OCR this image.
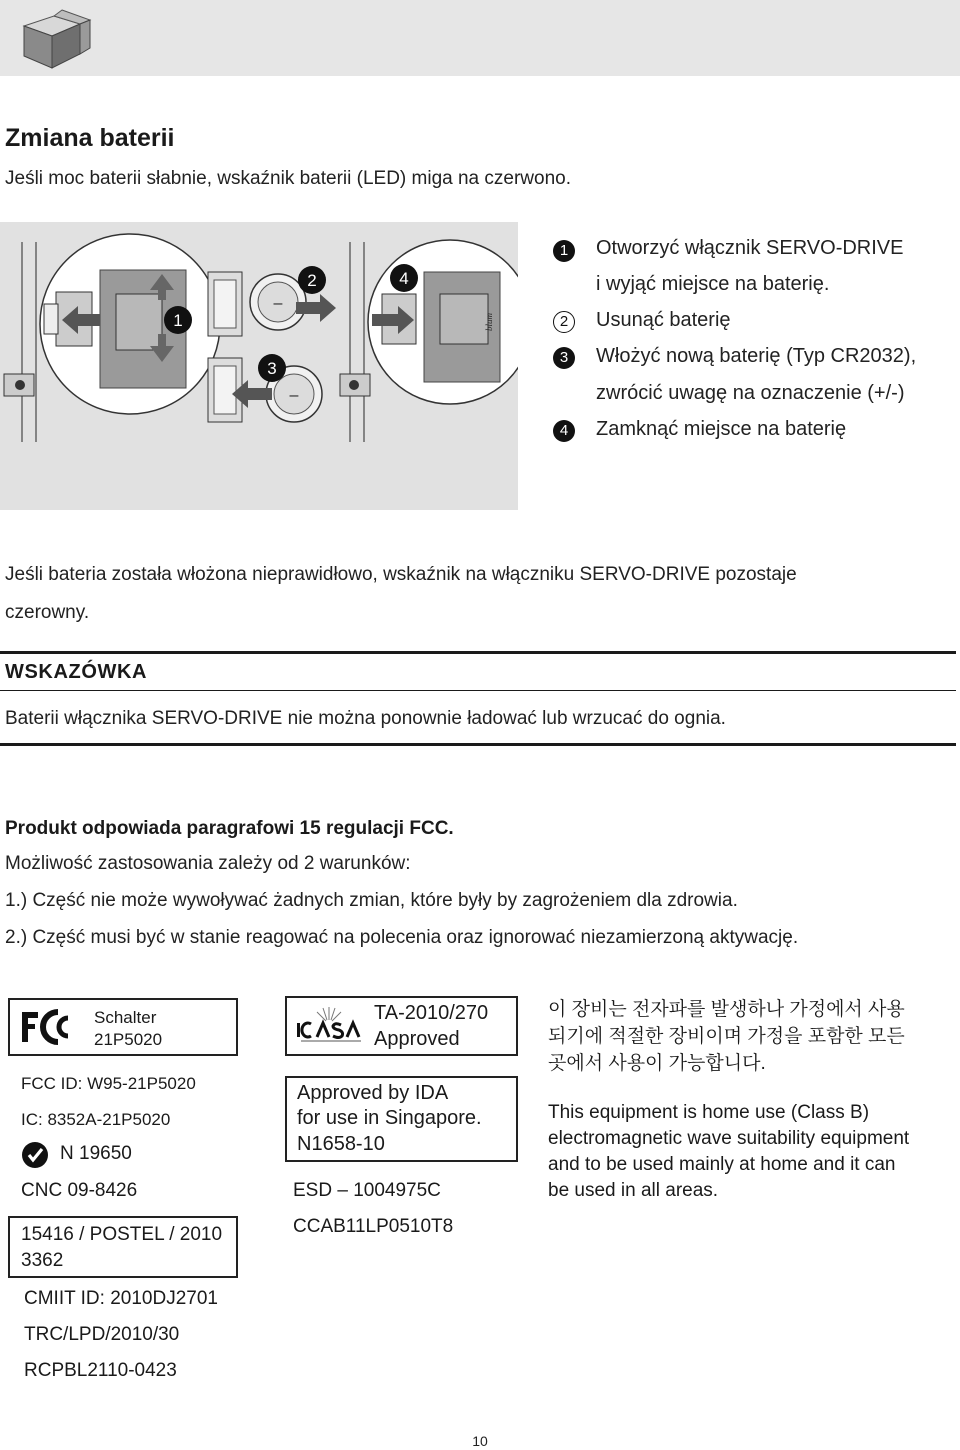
Zmiana baterii
Jeśli moc baterii słabnie, wskaźnik baterii (LED) miga na czerwono.
1
2
3
4
–
–
blum
1	Otworzyć włącznik SERVO-DRIVE
i wyjąć miejsce na baterię.
2	Usunąć baterię
3	Włożyć nową baterię (Typ CR2032),
zwrócić uwagę na oznaczenie (+/-)
4	Zamknąć miejsce na baterię
Jeśli bateria została włożona nieprawidłowo, wskaźnik na włączniku SERVO-DRIVE pozostaje
czerowny.
WSKAZÓWKA
Baterii włącznika SERVO-DRIVE nie można ponownie ładować lub wrzucać do ognia.
Produkt odpowiada paragrafowi 15 regulacji FCC.
Możliwość zastosowania zależy od 2 warunków:
1.) Część nie może wywoływać żadnych zmian, które były by zagrożeniem dla zdrowia.
2.) Część musi być w stanie reagować na polecenia oraz ignorować niezamierzoną aktywację.
Schalter
21P5020
FCC ID: W95-21P5020
IC: 8352A-21P5020
N 19650
CNC 09-8426
15416 / POSTEL / 2010
3362
CMIIT ID: 2010DJ2701
TRC/LPD/2010/30
RCPBL2110-0423
TA-2010/270
Approved
Approved by IDA
for use in Singapore.
N1658-10
ESD – 1004975C
CCAB11LP0510T8
이 장비는 전자파를 발생하나 가정에서 사용
되기에 적절한 장비이며 가정을 포함한 모든
곳에서 사용이 가능합니다.
This equipment is home use (Class B)
electromagnetic wave suitability equipment
and to be used mainly at home and it can
be used in all areas.
10
